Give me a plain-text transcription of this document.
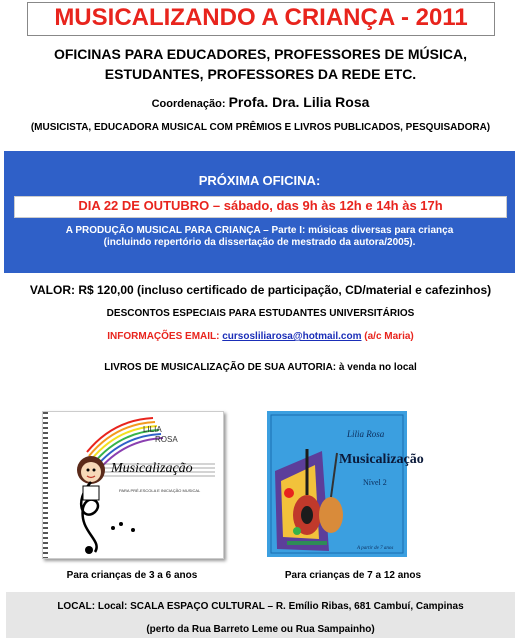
MUSICALIZANDO A CRIANÇA - 2011
OFICINAS PARA EDUCADORES, PROFESSORES DE MÚSICA,
ESTUDANTES, PROFESSORES DA REDE ETC.
Coordenação: Profa. Dra. Lilia Rosa
(MUSICISTA, EDUCADORA MUSICAL COM PRÊMIOS E LIVROS PUBLICADOS, PESQUISADORA)
PRÓXIMA OFICINA:
DIA 22 DE OUTUBRO – sábado, das 9h às 12h e 14h às 17h
A PRODUÇÃO MUSICAL PARA CRIANÇA – Parte I: músicas diversas para criança
(incluindo repertório da dissertação de mestrado da autora/2005).
VALOR: R$ 120,00 (incluso certificado de participação, CD/material e cafezinhos)
DESCONTOS ESPECIAIS PARA ESTUDANTES UNIVERSITÁRIOS
INFORMAÇÕES EMAIL: cursosliliarosa@hotmail.com (a/c Maria)
LIVROS DE MUSICALIZAÇÃO DE SUA AUTORIA: à venda no local
Musicalização
LILIA
ROSA
PARA PRÉ-ESCOLA E INICIAÇÃO MUSICAL
Lilia Rosa
Musicalização
Nível 2
A partir de 7 anos
Para crianças de 3 a 6 anos	Para crianças de 7 a 12 anos
LOCAL: Local: SCALA ESPAÇO CULTURAL – R. Emílio Ribas, 681 Cambuí, Campinas
(perto da Rua Barreto Leme ou Rua Sampainho)
